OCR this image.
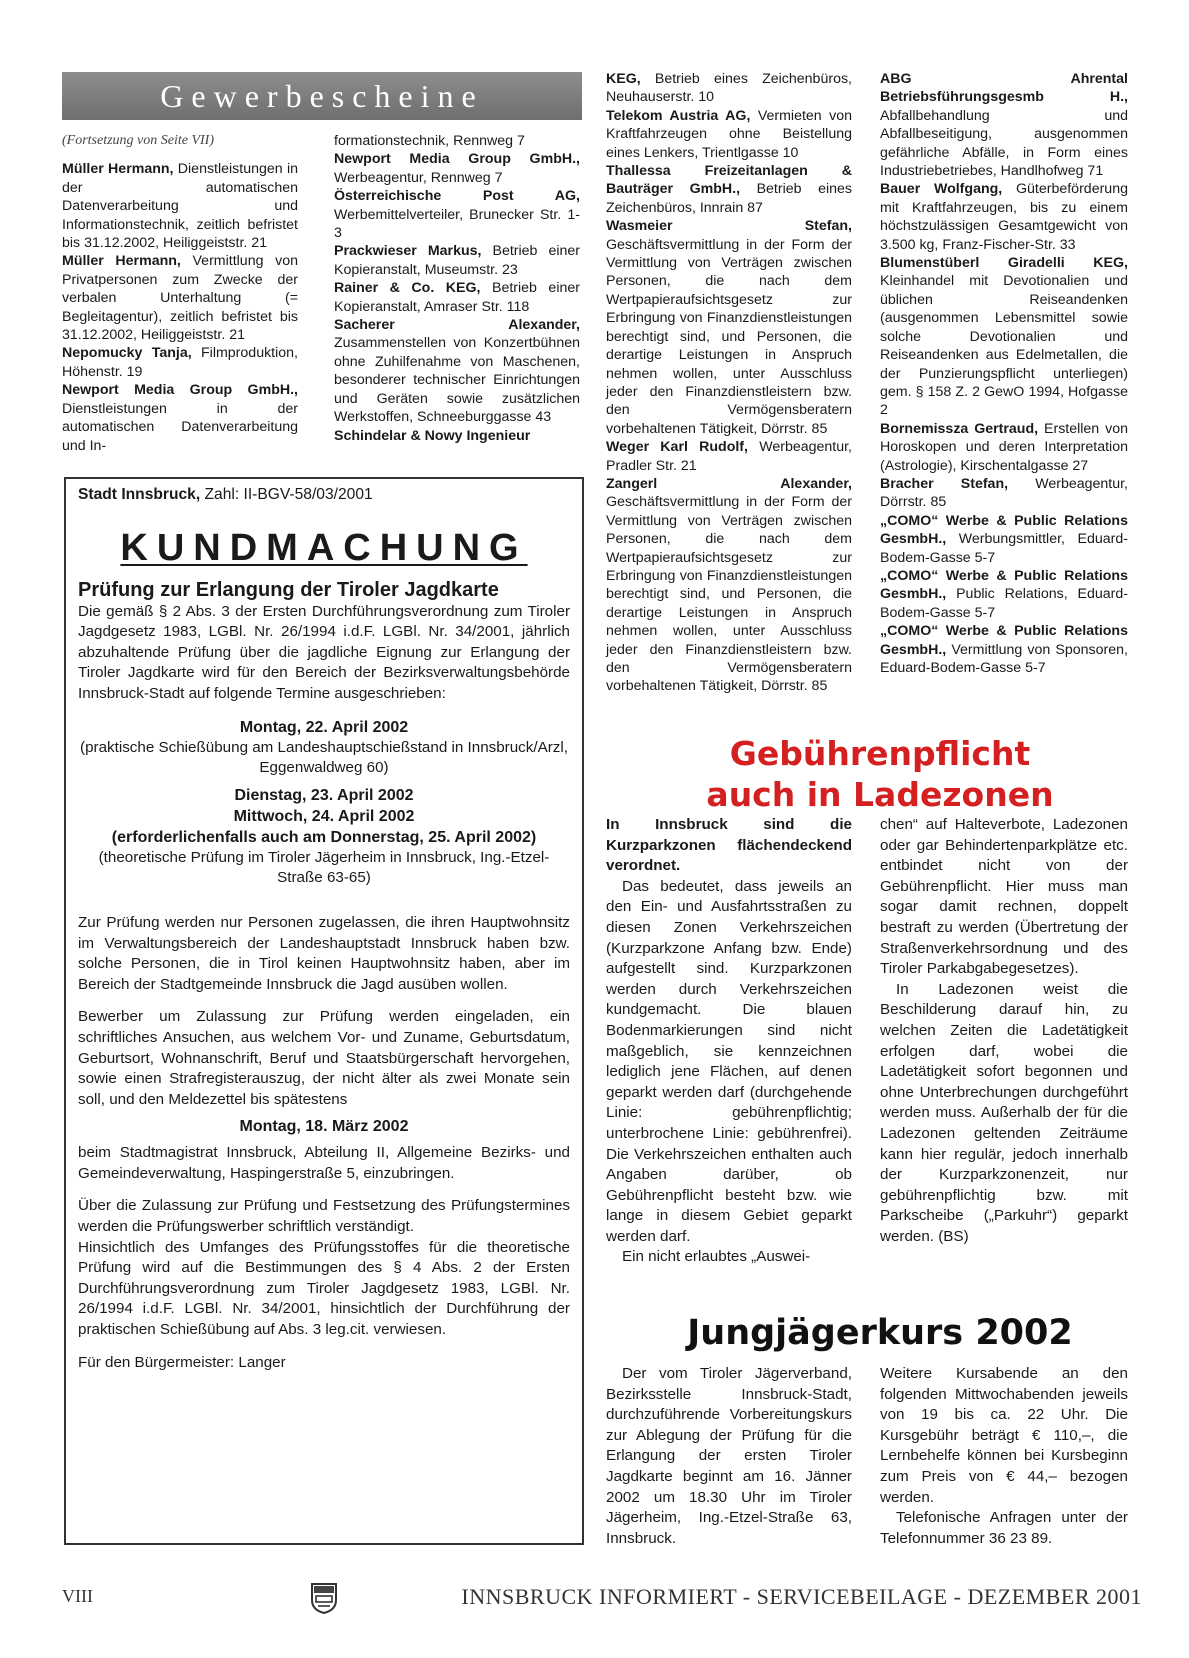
Gewerbescheine
(Fortsetzung von Seite VII)
Müller Hermann, Dienstleistungen in der automatischen Datenverarbeitung und Informationstechnik, zeitlich befristet bis 31.12.2002, Heiliggeiststr. 21
Müller Hermann, Vermittlung von Privatpersonen zum Zwecke der verbalen Unterhaltung (= Begleitagentur), zeitlich befristet bis 31.12.2002, Heiliggeiststr. 21
Nepomucky Tanja, Filmproduktion, Höhenstr. 19
Newport Media Group GmbH., Dienstleistungen in der automatischen Datenverarbeitung und In-
formationstechnik, Rennweg 7
Newport Media Group GmbH., Werbeagentur, Rennweg 7
Österreichische Post AG, Werbemittelverteiler, Brunecker Str. 1-3
Prackwieser Markus, Betrieb einer Kopieranstalt, Museumstr. 23
Rainer & Co. KEG, Betrieb einer Kopieranstalt, Amraser Str. 118
Sacherer Alexander, Zusammenstellen von Konzertbühnen ohne Zuhilfenahme von Maschenen, besonderer technischer Einrichtungen und Geräten sowie zusätzlichen Werkstoffen, Schneeburggasse 43
Schindelar & Nowy Ingenieur
KEG, Betrieb eines Zeichenbüros, Neuhauserstr. 10
Telekom Austria AG, Vermieten von Kraftfahrzeugen ohne Beistellung eines Lenkers, Trientlgasse 10
Thallessa Freizeitanlagen & Bauträger GmbH., Betrieb eines Zeichenbüros, Innrain 87
Wasmeier Stefan, Geschäftsvermittlung in der Form der Vermittlung von Verträgen zwischen Personen, die nach dem Wertpapieraufsichtsgesetz zur Erbringung von Finanzdienstleistungen berechtigt sind, und Personen, die derartige Leistungen in Anspruch nehmen wollen, unter Ausschluss jeder den Finanzdienstleistern bzw. den Vermögensberatern vorbehaltenen Tätigkeit, Dörrstr. 85
Weger Karl Rudolf, Werbeagentur, Pradler Str. 21
Zangerl Alexander, Geschäftsvermittlung in der Form der Vermittlung von Verträgen zwischen Personen, die nach dem Wertpapieraufsichtsgesetz zur Erbringung von Finanzdienstleistungen berechtigt sind, und Personen, die derartige Leistungen in Anspruch nehmen wollen, unter Ausschluss jeder den Finanzdienstleistern bzw. den Vermögensberatern vorbehaltenen Tätigkeit, Dörrstr. 85
ABG Ahrental Betriebsführungsgesmb H., Abfallbehandlung und Abfallbeseitigung, ausgenommen gefährliche Abfälle, in Form eines Industriebetriebes, Handlhofweg 71
Bauer Wolfgang, Güterbeförderung mit Kraftfahrzeugen, bis zu einem höchstzulässigen Gesamtgewicht von 3.500 kg, Franz-Fischer-Str. 33
Blumenstüberl Giradelli KEG, Kleinhandel mit Devotionalien und üblichen Reiseandenken (ausgenommen Lebensmittel sowie solche Devotionalien und Reiseandenken aus Edelmetallen, die der Punzierungspflicht unterliegen) gem. § 158 Z. 2 GewO 1994, Hofgasse 2
Bornemissza Gertraud, Erstellen von Horoskopen und deren Interpretation (Astrologie), Kirschentalgasse 27
Bracher Stefan, Werbeagentur, Dörrstr. 85
„COMO“ Werbe & Public Relations GesmbH., Werbungsmittler, Eduard-Bodem-Gasse 5-7
„COMO“ Werbe & Public Relations GesmbH., Public Relations, Eduard-Bodem-Gasse 5-7
„COMO“ Werbe & Public Relations GesmbH., Vermittlung von Sponsoren, Eduard-Bodem-Gasse 5-7
Stadt Innsbruck, Zahl: II-BGV-58/03/2001
KUNDMACHUNG
Prüfung zur Erlangung der Tiroler Jagdkarte
Die gemäß § 2 Abs. 3 der Ersten Durchführungsverordnung zum Tiroler Jagdgesetz 1983, LGBl. Nr. 26/1994 i.d.F. LGBl. Nr. 34/2001, jährlich abzuhaltende Prüfung über die jagdliche Eignung zur Erlangung der Tiroler Jagdkarte wird für den Bereich der Bezirksverwaltungsbehörde Innsbruck-Stadt auf folgende Termine ausgeschrieben:
Montag, 22. April 2002
(praktische Schießübung am Landeshauptschießstand in Innsbruck/Arzl, Eggenwaldweg 60)
Dienstag, 23. April 2002
Mittwoch, 24. April 2002
(erforderlichenfalls auch am Donnerstag, 25. April 2002)
(theoretische Prüfung im Tiroler Jägerheim in Innsbruck, Ing.-Etzel-Straße 63-65)
Zur Prüfung werden nur Personen zugelassen, die ihren Hauptwohnsitz im Verwaltungsbereich der Landeshauptstadt Innsbruck haben bzw. solche Personen, die in Tirol keinen Hauptwohnsitz haben, aber im Bereich der Stadtgemeinde Innsbruck die Jagd ausüben wollen.
Bewerber um Zulassung zur Prüfung werden eingeladen, ein schriftliches Ansuchen, aus welchem Vor- und Zuname, Geburtsdatum, Geburtsort, Wohnanschrift, Beruf und Staatsbürgerschaft hervorgehen, sowie einen Strafregisterauszug, der nicht älter als zwei Monate sein soll, und den Meldezettel bis spätestens
Montag, 18. März 2002
beim Stadtmagistrat Innsbruck, Abteilung II, Allgemeine Bezirks- und Gemeindeverwaltung, Haspingerstraße 5, einzubringen.
Über die Zulassung zur Prüfung und Festsetzung des Prüfungstermines werden die Prüfungswerber schriftlich verständigt.
Hinsichtlich des Umfanges des Prüfungsstoffes für die theoretische Prüfung wird auf die Bestimmungen des § 4 Abs. 2 der Ersten Durchführungsverordnung zum Tiroler Jagdgesetz 1983, LGBl. Nr. 26/1994 i.d.F. LGBl. Nr. 34/2001, hinsichtlich der Durchführung der praktischen Schießübung auf Abs. 3 leg.cit. verwiesen.
Für den Bürgermeister: Langer
Gebührenpflicht
auch in Ladezonen
In Innsbruck sind die Kurzparkzonen flächendeckend verordnet.
Das bedeutet, dass jeweils an den Ein- und Ausfahrtsstraßen zu diesen Zonen Verkehrszeichen (Kurzparkzone Anfang bzw. Ende) aufgestellt sind. Kurzparkzonen werden durch Verkehrszeichen kundgemacht. Die blauen Bodenmarkierungen sind nicht maßgeblich, sie kennzeichnen lediglich jene Flächen, auf denen geparkt werden darf (durchgehende Linie: gebührenpflichtig; unterbrochene Linie: gebührenfrei). Die Verkehrszeichen enthalten auch Angaben darüber, ob Gebührenpflicht besteht bzw. wie lange in diesem Gebiet geparkt werden darf.
Ein nicht erlaubtes „Auswei-
chen“ auf Halteverbote, Ladezonen oder gar Behindertenparkplätze etc. entbindet nicht von der Gebührenpflicht. Hier muss man sogar damit rechnen, doppelt bestraft zu werden (Übertretung der Straßenverkehrsordnung und des Tiroler Parkabgabegesetzes).
In Ladezonen weist die Beschilderung darauf hin, zu welchen Zeiten die Ladetätigkeit erfolgen darf, wobei die Ladetätigkeit sofort begonnen und ohne Unterbrechungen durchgeführt werden muss. Außerhalb der für die Ladezonen geltenden Zeiträume kann hier regulär, jedoch innerhalb der Kurzparkzonenzeit, nur gebührenpflichtig bzw. mit Parkscheibe („Parkuhr“) geparkt werden. (BS)
Jungjägerkurs 2002
Der vom Tiroler Jägerverband, Bezirksstelle Innsbruck-Stadt, durchzuführende Vorbereitungskurs zur Ablegung der Prüfung für die Erlangung der ersten Tiroler Jagdkarte beginnt am 16. Jänner 2002 um 18.30 Uhr im Tiroler Jägerheim, Ing.-Etzel-Straße 63, Innsbruck.
Weitere Kursabende an den folgenden Mittwochabenden jeweils von 19 bis ca. 22 Uhr. Die Kursgebühr beträgt € 110,–, die Lernbehelfe können bei Kursbeginn zum Preis von € 44,– bezogen werden.
Telefonische Anfragen unter der Telefonnummer 36 23 89.
VIII	INNSBRUCK INFORMIERT - SERVICEBEILAGE - DEZEMBER 2001
